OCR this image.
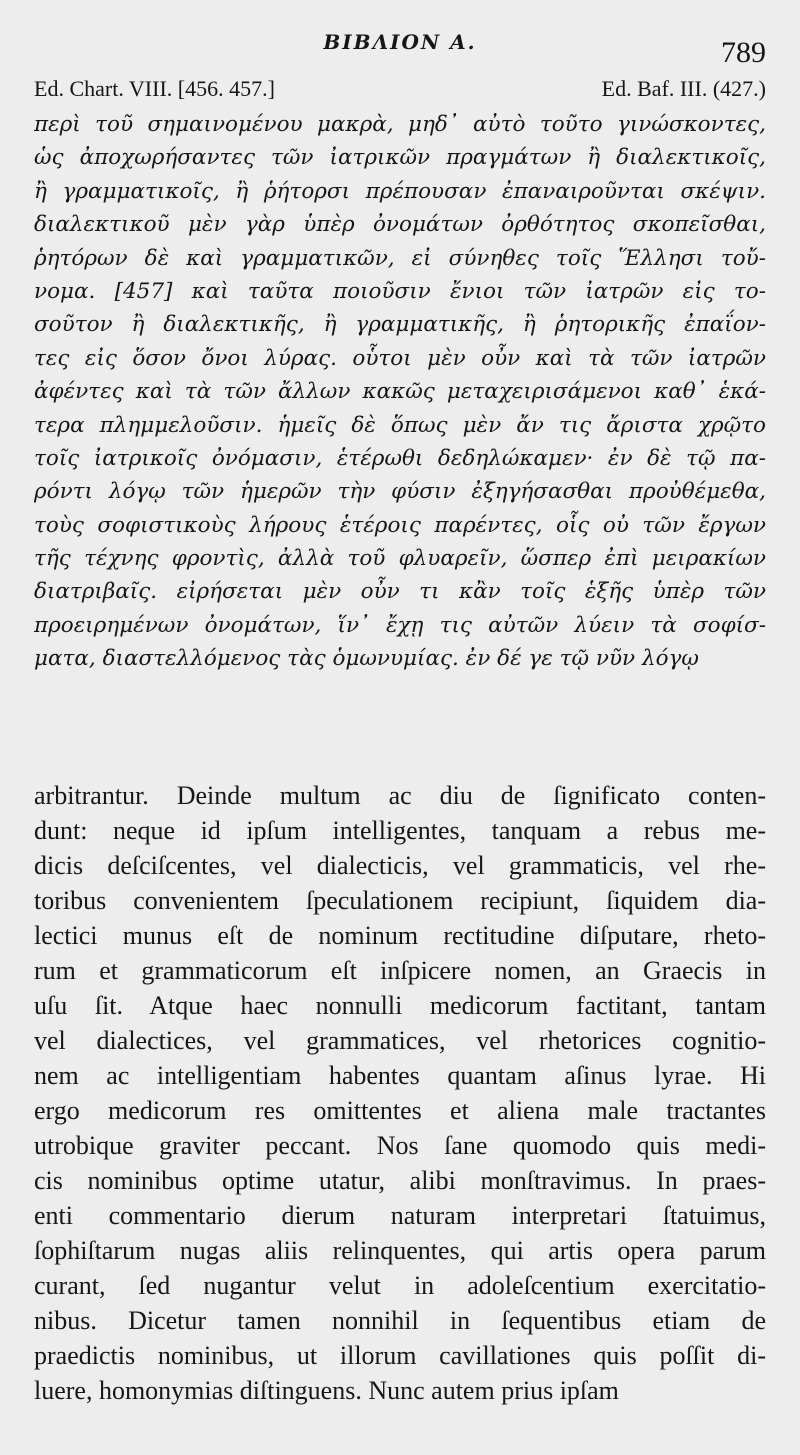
ΒΙΒΛΙΟΝ Α.	789
Ed. Chart. VIII. [456. 457.]	Ed. Baf. III. (427.)
περὶ τοῦ σημαινομένου μακρὰ, μηδ᾽ αὐτὸ τοῦτο γινώσκοντες,
ὡς ἀποχωρήσαντες τῶν ἰατρικῶν πραγμάτων ἢ διαλεκτικοῖς,
ἢ γραμματικοῖς, ἢ ῥήτορσι πρέπουσαν ἐπαναιροῦνται σκέψιν.
διαλεκτικοῦ μὲν γὰρ ὑπὲρ ὀνομάτων ὀρθότητος σκοπεῖσθαι,
ῥητόρων δὲ καὶ γραμματικῶν, εἰ σύνηθες τοῖς Ἕλλησι τοὔ-
νομα. [457] καὶ ταῦτα ποιοῦσιν ἔνιοι τῶν ἰατρῶν εἰς το-
σοῦτον ἢ διαλεκτικῆς, ἢ γραμματικῆς, ἢ ῥητορικῆς ἐπαΐον-
τες εἰς ὅσον ὄνοι λύρας. οὗτοι μὲν οὖν καὶ τὰ τῶν ἰατρῶν
ἀφέντες καὶ τὰ τῶν ἄλλων κακῶς μεταχειρισάμενοι καθ᾽ ἑκά-
τερα πλημμελοῦσιν. ἡμεῖς δὲ ὅπως μὲν ἄν τις ἄριστα χρῷτο
τοῖς ἰατρικοῖς ὀνόμασιν, ἑτέρωθι δεδηλώκαμεν· ἐν δὲ τῷ πα-
ρόντι λόγῳ τῶν ἡμερῶν τὴν φύσιν ἐξηγήσασθαι προὐθέμεθα,
τοὺς σοφιστικοὺς λήρους ἑτέροις παρέντες, οἷς οὐ τῶν ἔργων
τῆς τέχνης φροντὶς, ἀλλὰ τοῦ φλυαρεῖν, ὥσπερ ἐπὶ μειρακίων
διατριβαῖς. εἰρήσεται μὲν οὖν τι κἂν τοῖς ἑξῆς ὑπὲρ τῶν
προειρημένων ὀνομάτων, ἵν᾽ ἔχῃ τις αὐτῶν λύειν τὰ σοφίσ-
ματα, διαστελλόμενος τὰς ὁμωνυμίας. ἐν δέ γε τῷ νῦν λόγῳ
arbitrantur. Deinde multum ac diu de ſignificato conten-
dunt: neque id ipſum intelligentes, tanquam a rebus me-
dicis deſciſcentes, vel dialecticis, vel grammaticis, vel rhe-
toribus convenientem ſpeculationem recipiunt, ſiquidem dia-
lectici munus eſt de nominum rectitudine diſputare, rheto-
rum et grammaticorum eſt inſpicere nomen, an Graecis in
uſu ſit. Atque haec nonnulli medicorum factitant, tantam
vel dialectices, vel grammatices, vel rhetorices cognitio-
nem ac intelligentiam habentes quantam aſinus lyrae. Hi
ergo medicorum res omittentes et aliena male tractantes
utrobique graviter peccant. Nos ſane quomodo quis medi-
cis nominibus optime utatur, alibi monſtravimus. In praes-
enti commentario dierum naturam interpretari ſtatuimus,
ſophiſtarum nugas aliis relinquentes, qui artis opera parum
curant, ſed nugantur velut in adoleſcentium exercitatio-
nibus. Dicetur tamen nonnihil in ſequentibus etiam de
praedictis nominibus, ut illorum cavillationes quis poſſit di-
luere, homonymias diſtinguens. Nunc autem prius ipſam
